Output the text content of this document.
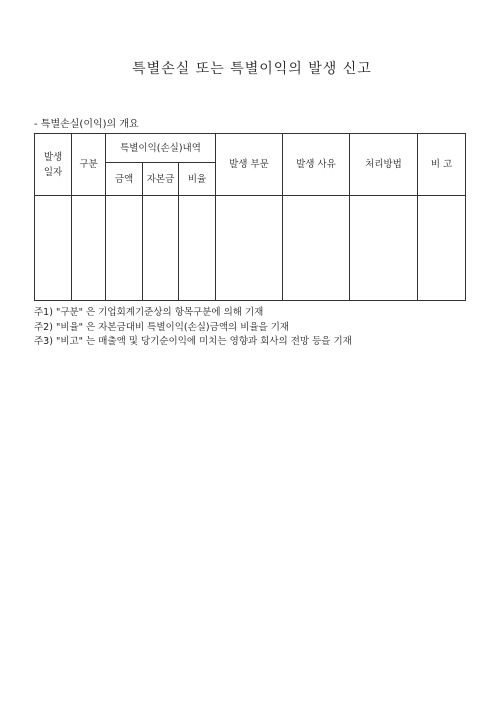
특별손실 또는 특별이익의 발생 신고
- 특별손실(이익)의 개요
발생
일자	구분	특별이익(손실)내역			발생 부문	발생 사유	처리방법	비 고
		금액	자본금	비율				

주1) "구분" 은 기업회계기준상의 항목구분에 의해 기재
주2) "비율" 은 자본금대비 특별이익(손실)금액의 비율을 기재
주3) "비고" 는 매출액 및 당기순이익에 미치는 영향과 회사의 전망 등을 기재
